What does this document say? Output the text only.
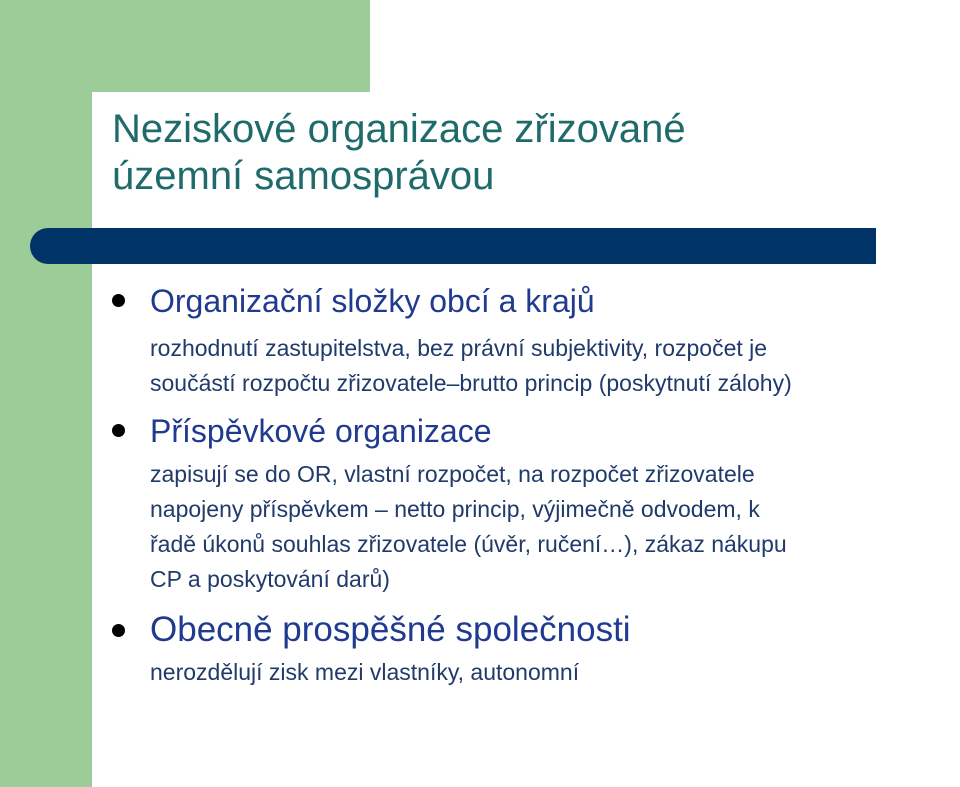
Neziskové organizace zřizované
územní samosprávou
Organizační složky obcí a krajů

rozhodnutí zastupitelstva, bez právní subjektivity, rozpočet je
součástí rozpočtu zřizovatele–brutto princip (poskytnutí zálohy)

Příspěvkové organizace

zapisují se do OR, vlastní rozpočet, na rozpočet zřizovatele
napojeny příspěvkem – netto princip, výjimečně odvodem, k
řadě úkonů souhlas zřizovatele (úvěr, ručení…), zákaz nákupu
CP a poskytování darů)

Obecně prospěšné společnosti

nerozdělují zisk mezi vlastníky, autonomní
